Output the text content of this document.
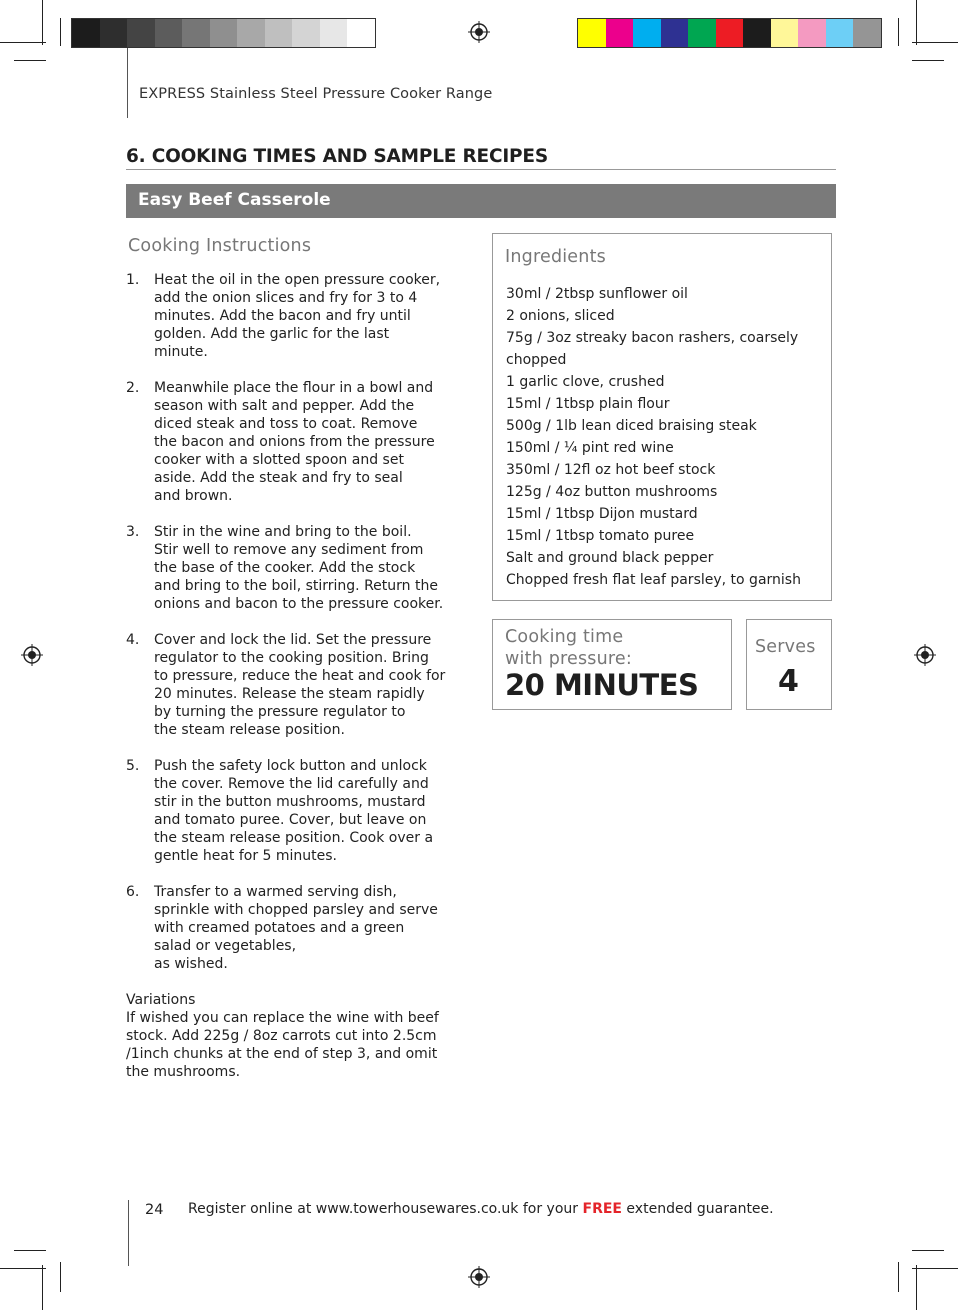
EXPRESS Stainless Steel Pressure Cooker Range
6. COOKING TIMES AND SAMPLE RECIPES
Easy Beef Casserole
Cooking Instructions
1.	Heat the oil in the open pressure cooker,
add the onion slices and fry for 3 to 4
minutes. Add the bacon and fry until
golden. Add the garlic for the last
minute.
2.	Meanwhile place the flour in a bowl and
season with salt and pepper. Add the
diced steak and toss to coat. Remove
the bacon and onions from the pressure
cooker with a slotted spoon and set
aside. Add the steak and fry to seal
and brown.
3.	Stir in the wine and bring to the boil.
Stir well to remove any sediment from
the base of the cooker. Add the stock
and bring to the boil, stirring. Return the
onions and bacon to the pressure cooker.
4.	Cover and lock the lid. Set the pressure
regulator to the cooking position. Bring
to pressure, reduce the heat and cook for
20 minutes. Release the steam rapidly
by turning the pressure regulator to
the steam release position.
5.	Push the safety lock button and unlock
the cover. Remove the lid carefully and
stir in the button mushrooms, mustard
and tomato puree. Cover, but leave on
the steam release position. Cook over a
gentle heat for 5 minutes.
6.	Transfer to a warmed serving dish,
sprinkle with chopped parsley and serve
with creamed potatoes and a green
salad or vegetables,
as wished.
Variations
If wished you can replace the wine with beef
stock. Add 225g / 8oz carrots cut into 2.5cm
/1inch chunks at the end of step 3, and omit
the mushrooms.
Ingredients
30ml / 2tbsp sunflower oil
2 onions, sliced
75g / 3oz streaky bacon rashers, coarsely
chopped
1 garlic clove, crushed
15ml / 1tbsp plain flour
500g / 1lb lean diced braising steak
150ml / ¼ pint red wine
350ml / 12fl oz hot beef stock
125g / 4oz button mushrooms
15ml / 1tbsp Dijon mustard
15ml / 1tbsp tomato puree
Salt and ground black pepper
Chopped fresh flat leaf parsley, to garnish
Cooking time
with pressure:
20 MINUTES
Serves
4
24 Register online at www.towerhousewares.co.uk for your FREE extended guarantee.
